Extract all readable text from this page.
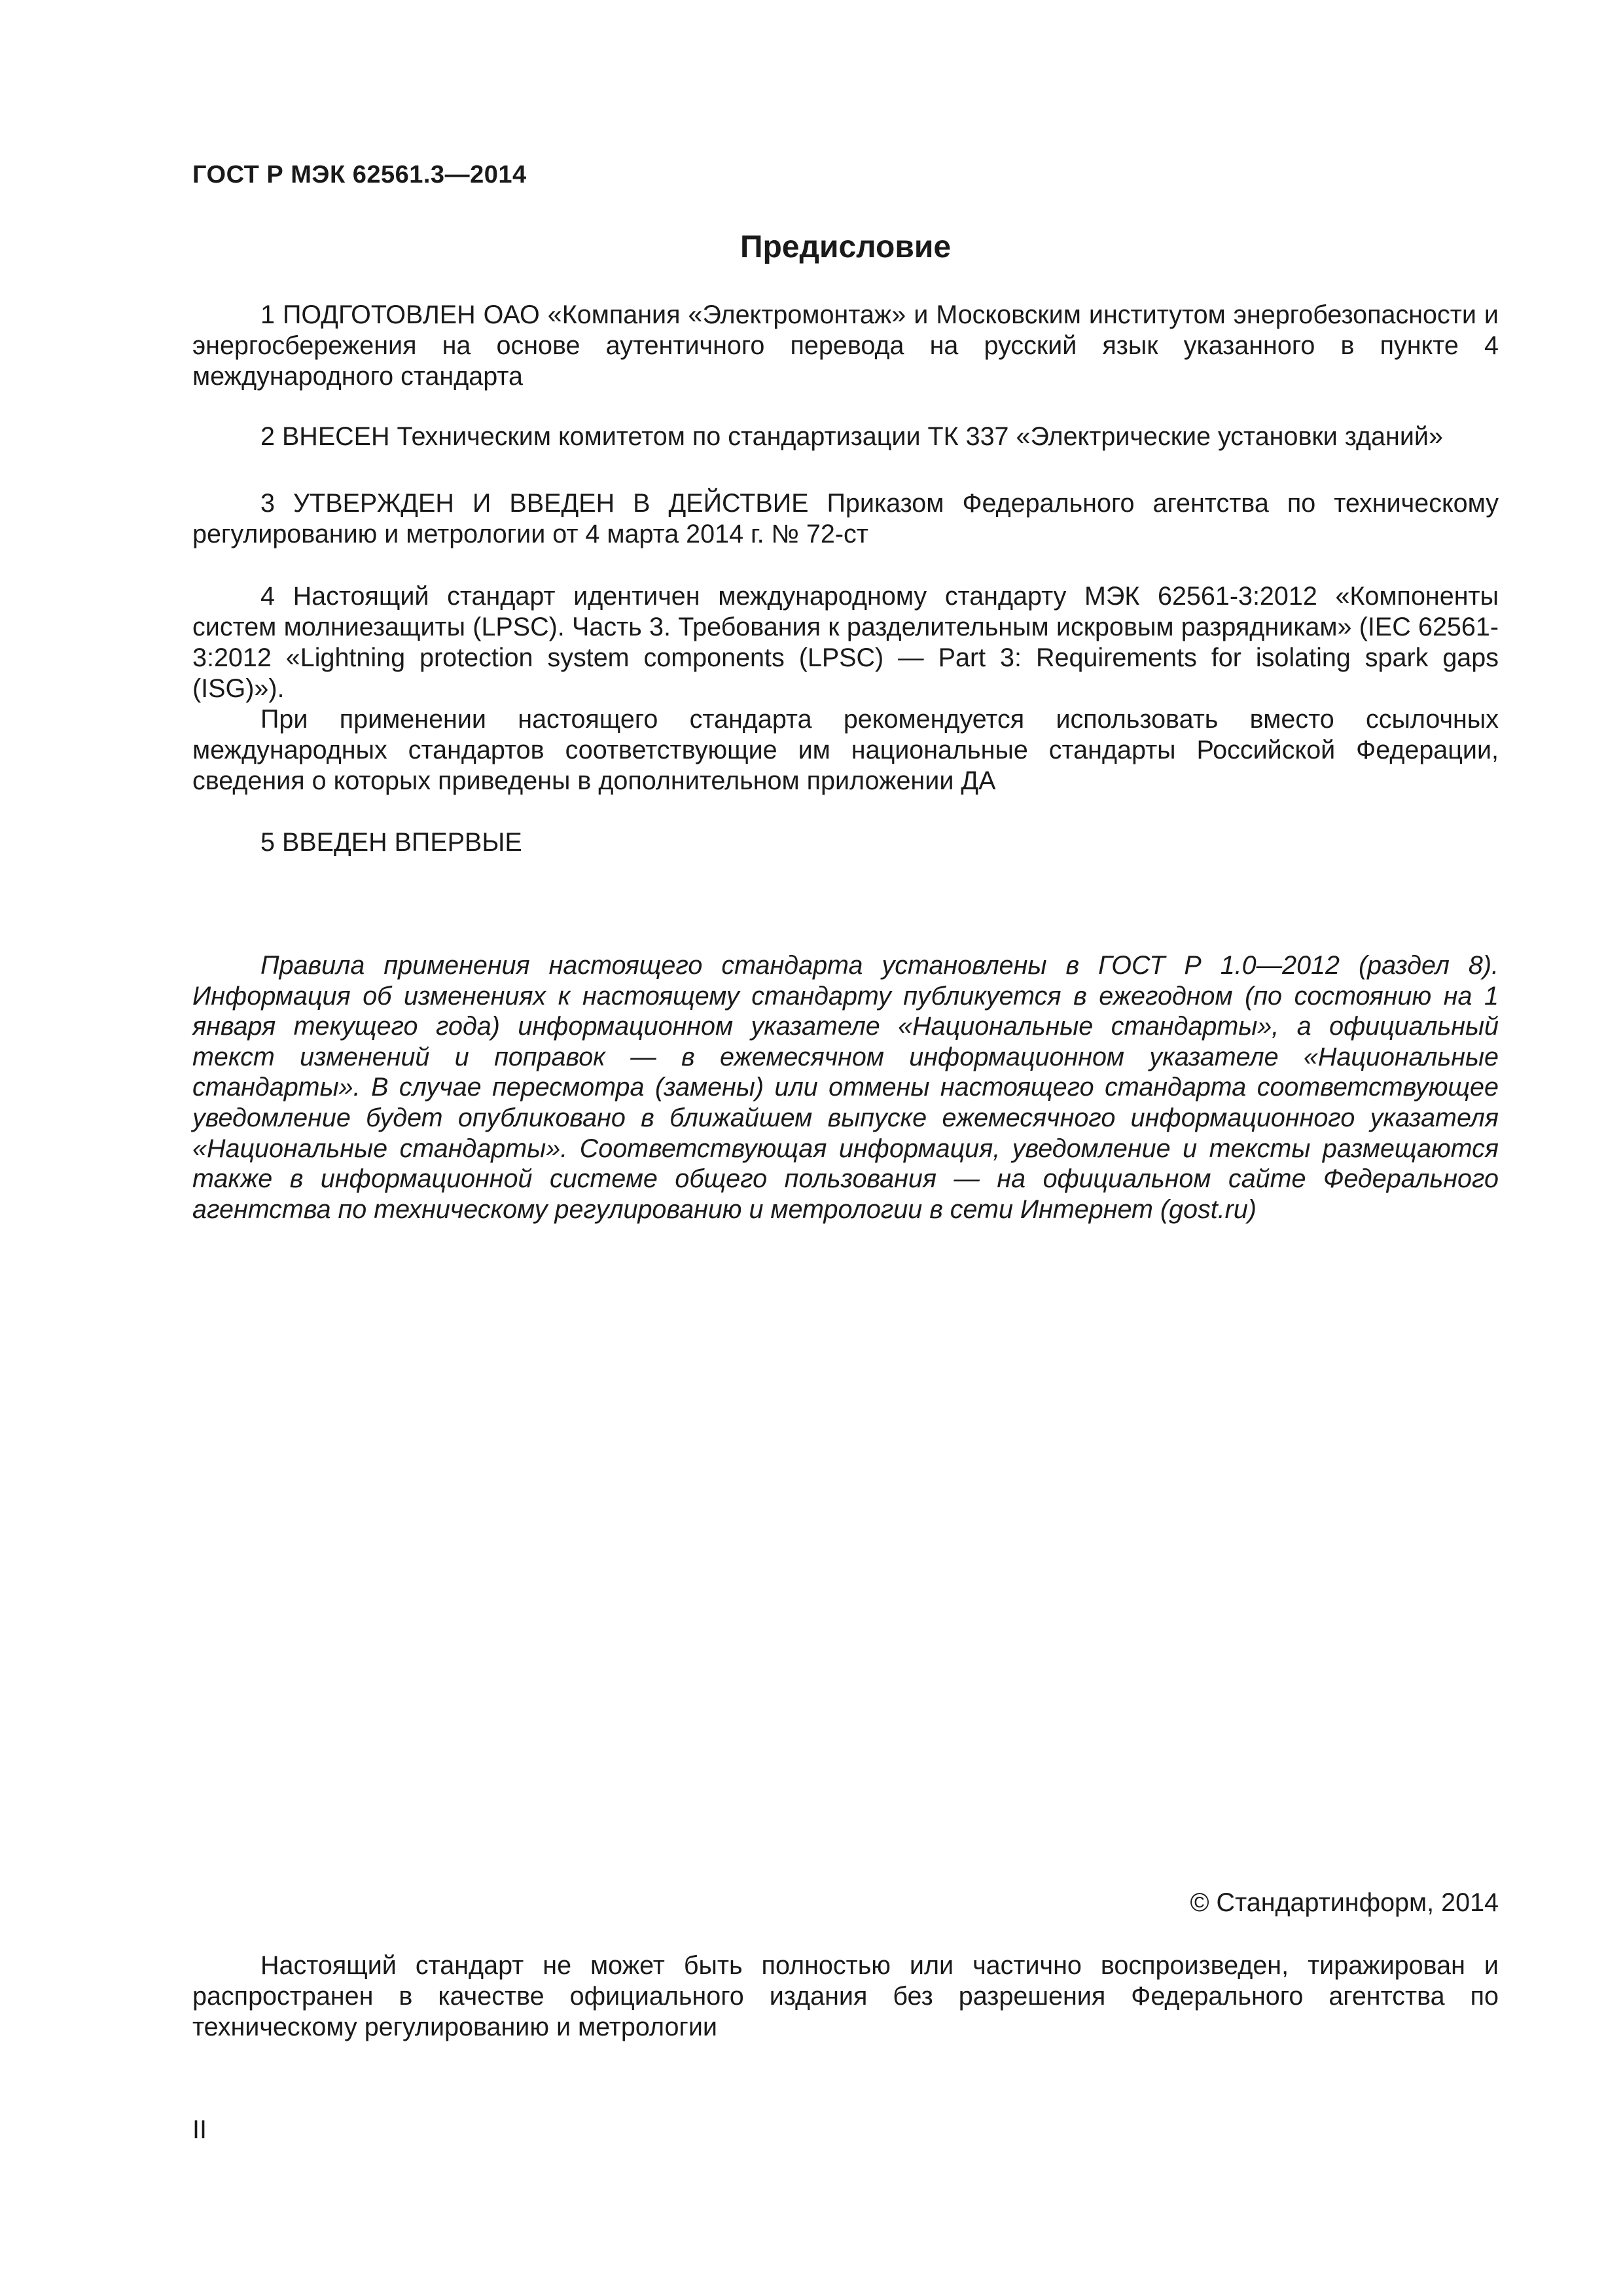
ГОСТ Р МЭК 62561.3—2014
Предисловие

1 ПОДГОТОВЛЕН ОАО «Компания «Электромонтаж» и Московским институтом энергобезопасности и энергосбережения на основе аутентичного перевода на русский язык указанного в пункте 4 международного стандарта

2 ВНЕСЕН Техническим комитетом по стандартизации ТК 337 «Электрические установки зданий»

3 УТВЕРЖДЕН И ВВЕДЕН В ДЕЙСТВИЕ Приказом Федерального агентства по техническому регулированию и метрологии от 4 марта 2014 г. № 72-ст

4 Настоящий стандарт идентичен международному стандарту МЭК 62561-3:2012 «Компоненты систем молниезащиты (LPSC). Часть 3. Требования к разделительным искровым разрядникам» (IEC 62561-3:2012 «Lightning protection system components (LPSC) — Part 3: Requirements for isolating spark gaps (ISG)»).

При применении настоящего стандарта рекомендуется использовать вместо ссылочных международных стандартов соответствующие им национальные стандарты Российской Федерации, сведения о которых приведены в дополнительном приложении ДА

5 ВВЕДЕН ВПЕРВЫЕ

Правила применения настоящего стандарта установлены в ГОСТ Р 1.0—2012 (раздел 8). Информация об изменениях к настоящему стандарту публикуется в ежегодном (по состоянию на 1 января текущего года) информационном указателе «Национальные стандарты», а официальный текст изменений и поправок — в ежемесячном информационном указателе «Национальные стандарты». В случае пересмотра (замены) или отмены настоящего стандарта соответствующее уведомление будет опубликовано в ближайшем выпуске ежемесячного информационного указателя «Национальные стандарты». Соответствующая информация, уведомление и тексты размещаются также в информационной системе общего пользования — на официальном сайте Федерального агентства по техническому регулированию и метрологии в сети Интернет (gost.ru)

© Стандартинформ, 2014

Настоящий стандарт не может быть полностью или частично воспроизведен, тиражирован и распространен в качестве официального издания без разрешения Федерального агентства по техническому регулированию и метрологии

II
